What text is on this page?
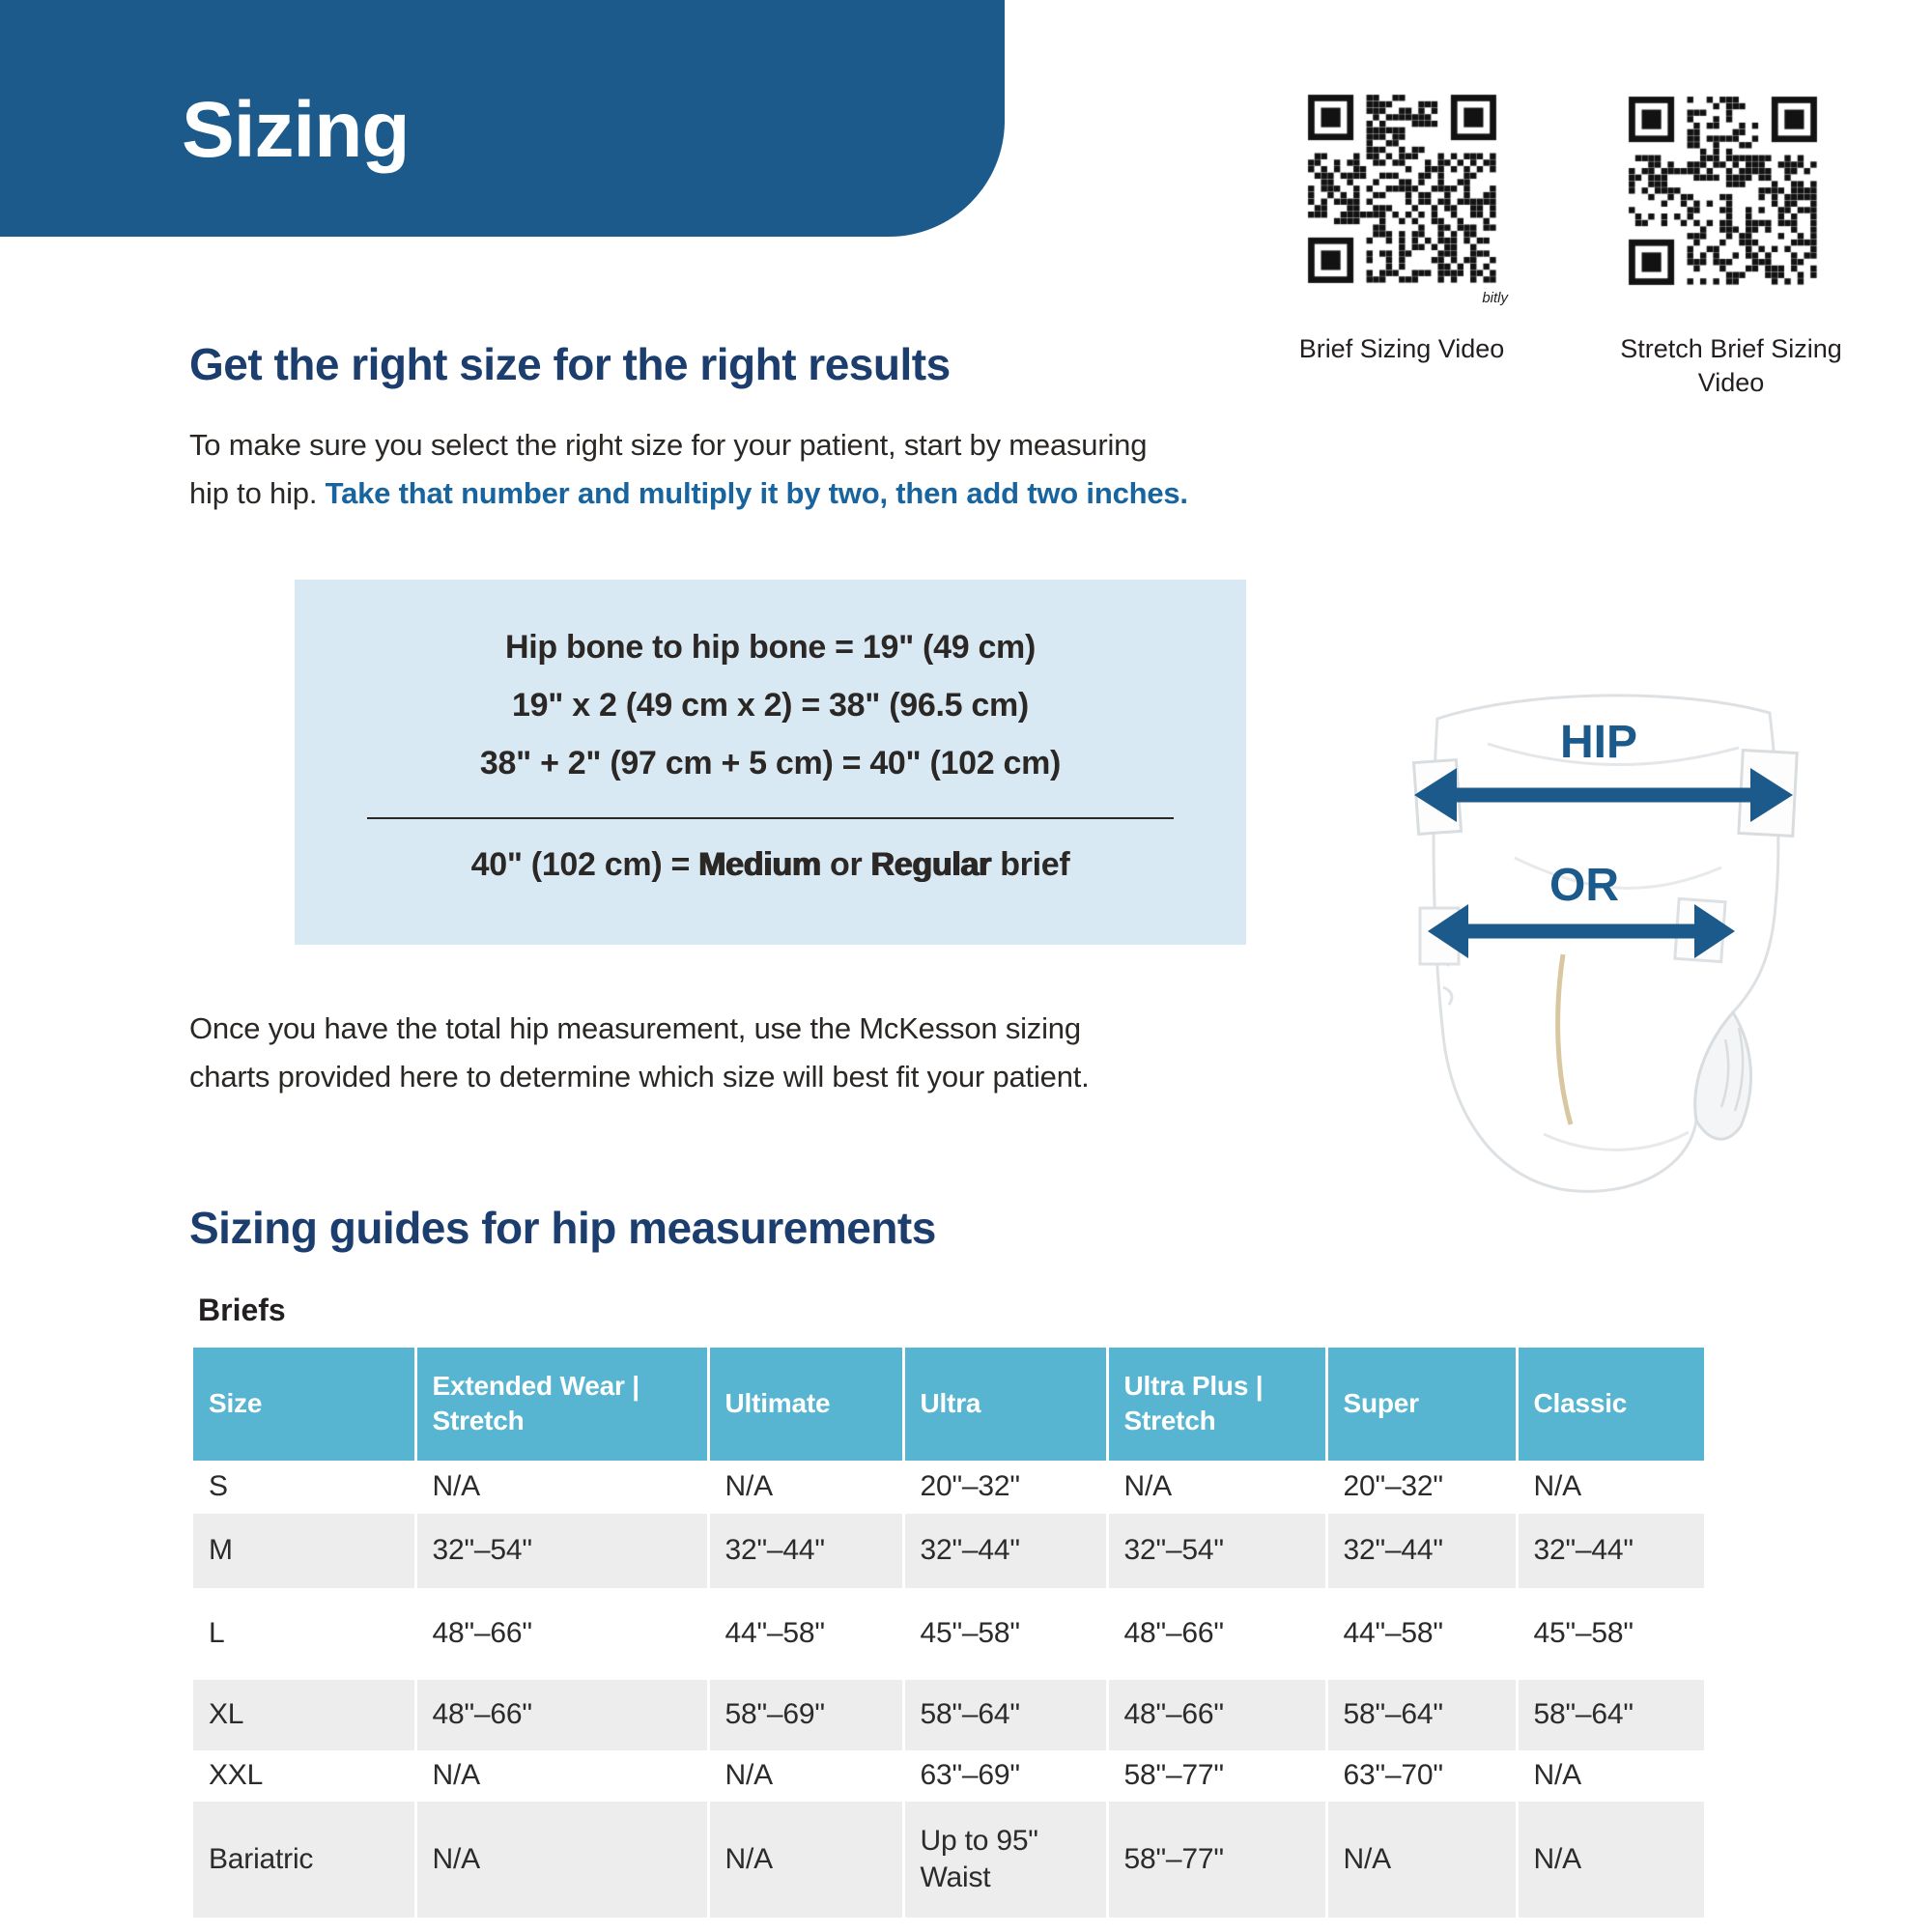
Sizing
bitly
Brief Sizing Video	Stretch Brief Sizing Video
Get the right size for the right results
To make sure you select the right size for your patient, start by measuring
hip to hip. Take that number and multiply it by two, then add two inches.
Hip bone to hip bone = 19" (49 cm)
19" x 2 (49 cm x 2) = 38" (96.5 cm)
38" + 2" (97 cm + 5 cm) = 40" (102 cm)
40" (102 cm) = Medium or Regular brief
HIP
OR
Once you have the total hip measurement, use the McKesson sizing
charts provided here to determine which size will best fit your patient.
Sizing guides for hip measurements

Briefs

Size	Extended Wear | Stretch	Ultimate	Ultra	Ultra Plus | Stretch	Super	Classic
S	N/A	N/A	20"–32"	N/A	20"–32"	N/A
M	32"–54"	32"–44"	32"–44"	32"–54"	32"–44"	32"–44"
L	48"–66"	44"–58"	45"–58"	48"–66"	44"–58"	45"–58"
XL	48"–66"	58"–69"	58"–64"	48"–66"	58"–64"	58"–64"
XXL	N/A	N/A	63"–69"	58"–77"	63"–70"	N/A
Bariatric	N/A	N/A	Up to 95" Waist	58"–77"	N/A	N/A
